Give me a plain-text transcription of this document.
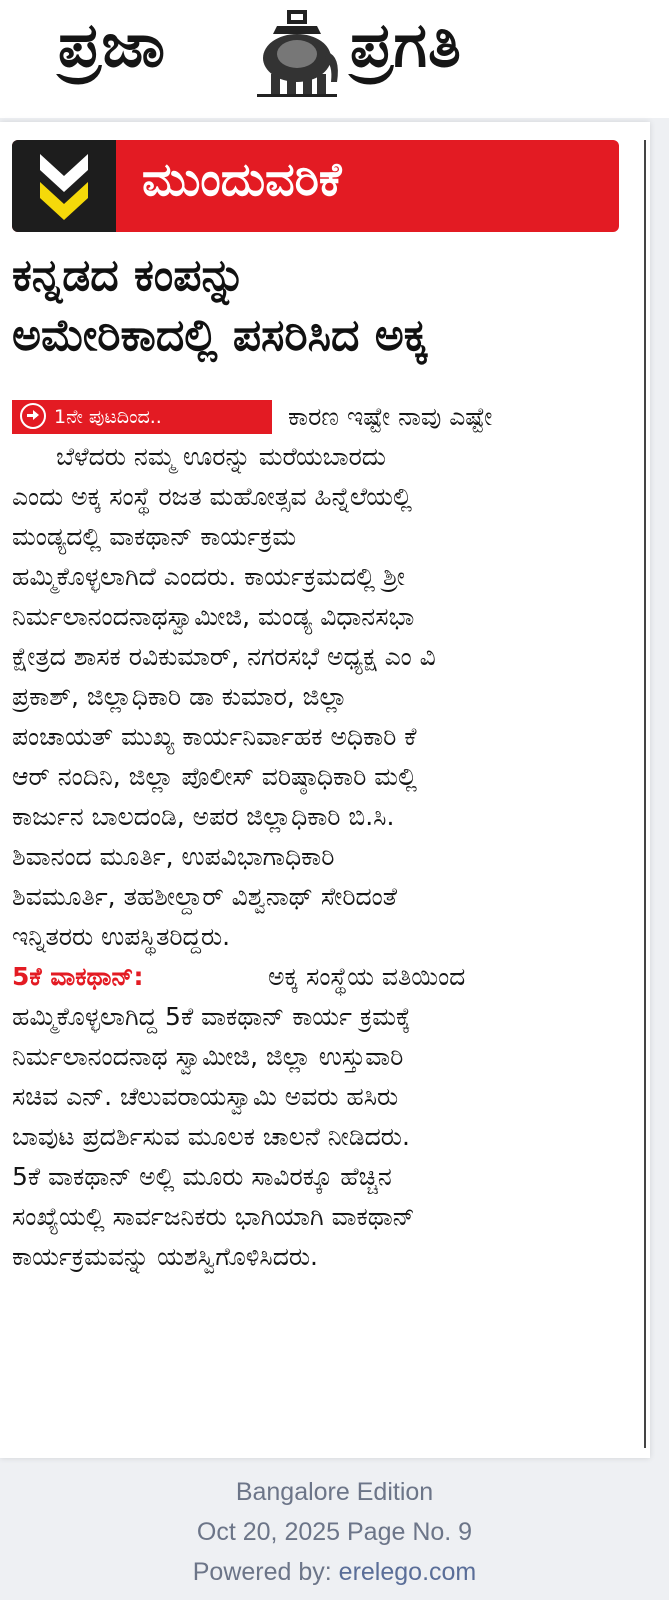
ಪ್ರಜಾ	ಪ್ರಗತಿ
ಮುಂದುವರಿಕೆ
ಕನ್ನಡದ ಕಂಪನ್ನು
ಅಮೇರಿಕಾದಲ್ಲಿ ಪಸರಿಸಿದ ಅಕ್ಕ
1ನೇ ಪುಟದಿಂದ..	ಕಾರಣ ಇಷ್ಟೇ ನಾವು ಎಷ್ಟೇ
ಬೆಳೆದರು ನಮ್ಮ ಊರನ್ನು ಮರೆಯಬಾರದು
ಎಂದು ಅಕ್ಕ ಸಂಸ್ಥೆ ರಜತ ಮಹೋತ್ಸವ ಹಿನ್ನೆಲೆಯಲ್ಲಿ
ಮಂಡ್ಯದಲ್ಲಿ ವಾಕಥಾನ್ ಕಾರ್ಯಕ್ರಮ
ಹಮ್ಮಿಕೊಳ್ಳಲಾಗಿದೆ ಎಂದರು. ಕಾರ್ಯಕ್ರಮದಲ್ಲಿ ಶ್ರೀ
ನಿರ್ಮಲಾನಂದನಾಥಸ್ವಾಮೀಜಿ, ಮಂಡ್ಯ ವಿಧಾನಸಭಾ
ಕ್ಷೇತ್ರದ ಶಾಸಕ ರವಿಕುಮಾರ್, ನಗರಸಭೆ ಅಧ್ಯಕ್ಷ ಎಂ ವಿ
ಪ್ರಕಾಶ್, ಜಿಲ್ಲಾಧಿಕಾರಿ ಡಾ ಕುಮಾರ, ಜಿಲ್ಲಾ
ಪಂಚಾಯತ್ ಮುಖ್ಯ ಕಾರ್ಯನಿರ್ವಾಹಕ ಅಧಿಕಾರಿ ಕೆ
ಆರ್ ನಂದಿನಿ, ಜಿಲ್ಲಾ ಪೊಲೀಸ್ ವರಿಷ್ಠಾಧಿಕಾರಿ ಮಲ್ಲಿ
ಕಾರ್ಜುನ ಬಾಲದಂಡಿ, ಅಪರ ಜಿಲ್ಲಾಧಿಕಾರಿ ಬಿ.ಸಿ.
ಶಿವಾನಂದ ಮೂರ್ತಿ, ಉಪವಿಭಾಗಾಧಿಕಾರಿ
ಶಿವಮೂರ್ತಿ, ತಹಶೀಲ್ದಾರ್ ವಿಶ್ವನಾಥ್ ಸೇರಿದಂತೆ
ಇನ್ನಿತರರು ಉಪಸ್ಥಿತರಿದ್ದರು.
5ಕೆ ವಾಕಥಾನ್:	ಅಕ್ಕ ಸಂಸ್ಥೆಯ ವತಿಯಿಂದ
ಹಮ್ಮಿಕೊಳ್ಳಲಾಗಿದ್ದ 5ಕೆ ವಾಕಥಾನ್ ಕಾರ್ಯ ಕ್ರಮಕ್ಕೆ
ನಿರ್ಮಲಾನಂದನಾಥ ಸ್ವಾಮೀಜಿ, ಜಿಲ್ಲಾ ಉಸ್ತುವಾರಿ
ಸಚಿವ ಎನ್. ಚೆಲುವರಾಯಸ್ವಾಮಿ ಅವರು ಹಸಿರು
ಬಾವುಟ ಪ್ರದರ್ಶಿಸುವ ಮೂಲಕ ಚಾಲನೆ ನೀಡಿದರು.
5ಕೆ ವಾಕಥಾನ್ ಅಲ್ಲಿ ಮೂರು ಸಾವಿರಕ್ಕೂ ಹೆಚ್ಚಿನ
ಸಂಖ್ಯೆಯಲ್ಲಿ ಸಾರ್ವಜನಿಕರು ಭಾಗಿಯಾಗಿ ವಾಕಥಾನ್
ಕಾರ್ಯಕ್ರಮವನ್ನು ಯಶಸ್ವಿಗೊಳಿಸಿದರು.
Bangalore Edition
Oct 20, 2025 Page No. 9
Powered by: erelego.com
